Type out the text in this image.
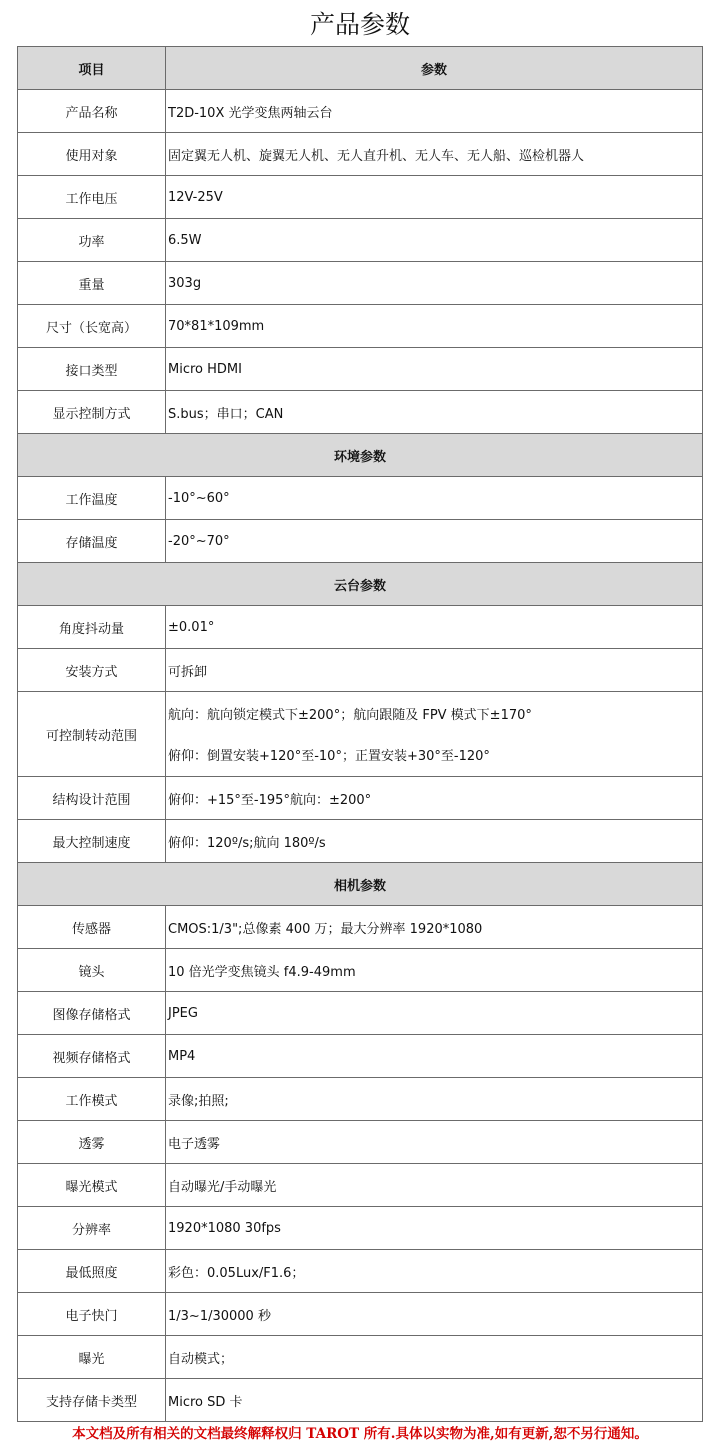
产品参数
项目	参数
产品名称	T2D-10X 光学变焦两轴云台
使用对象	固定翼无人机、旋翼无人机、无人直升机、无人车、无人船、巡检机器人
工作电压	12V-25V
功率	6.5W
重量	303g
尺寸（长宽高）	70*81*109mm
接口类型	Micro HDMI
显示控制方式	S.bus；串口；CAN
环境参数	
工作温度	-10°~60°
存储温度	-20°~70°
云台参数	
角度抖动量	±0.01°
安装方式	可拆卸
可控制转动范围	航向：航向锁定模式下±200°；航向跟随及 FPV 模式下±170°
俯仰：倒置安装+120°至-10°；正置安装+30°至-120°

结构设计范围	俯仰：+15°至-195°航向：±200°
最大控制速度	俯仰：120º/s;航向 180º/s
相机参数	
传感器	CMOS:1/3";总像素 400 万；最大分辨率 1920*1080
镜头	10 倍光学变焦镜头 f4.9-49mm
图像存储格式	JPEG
视频存储格式	MP4
工作模式	录像;拍照;
透雾	电子透雾
曝光模式	自动曝光/手动曝光
分辨率	1920*1080 30fps
最低照度	彩色：0.05Lux/F1.6；
电子快门	1/3~1/30000 秒
曝光	自动模式；
支持存储卡类型	Micro SD 卡
本文档及所有相关的文档最终解释权归 TAROT 所有.具体以实物为准,如有更新,恕不另行通知。
